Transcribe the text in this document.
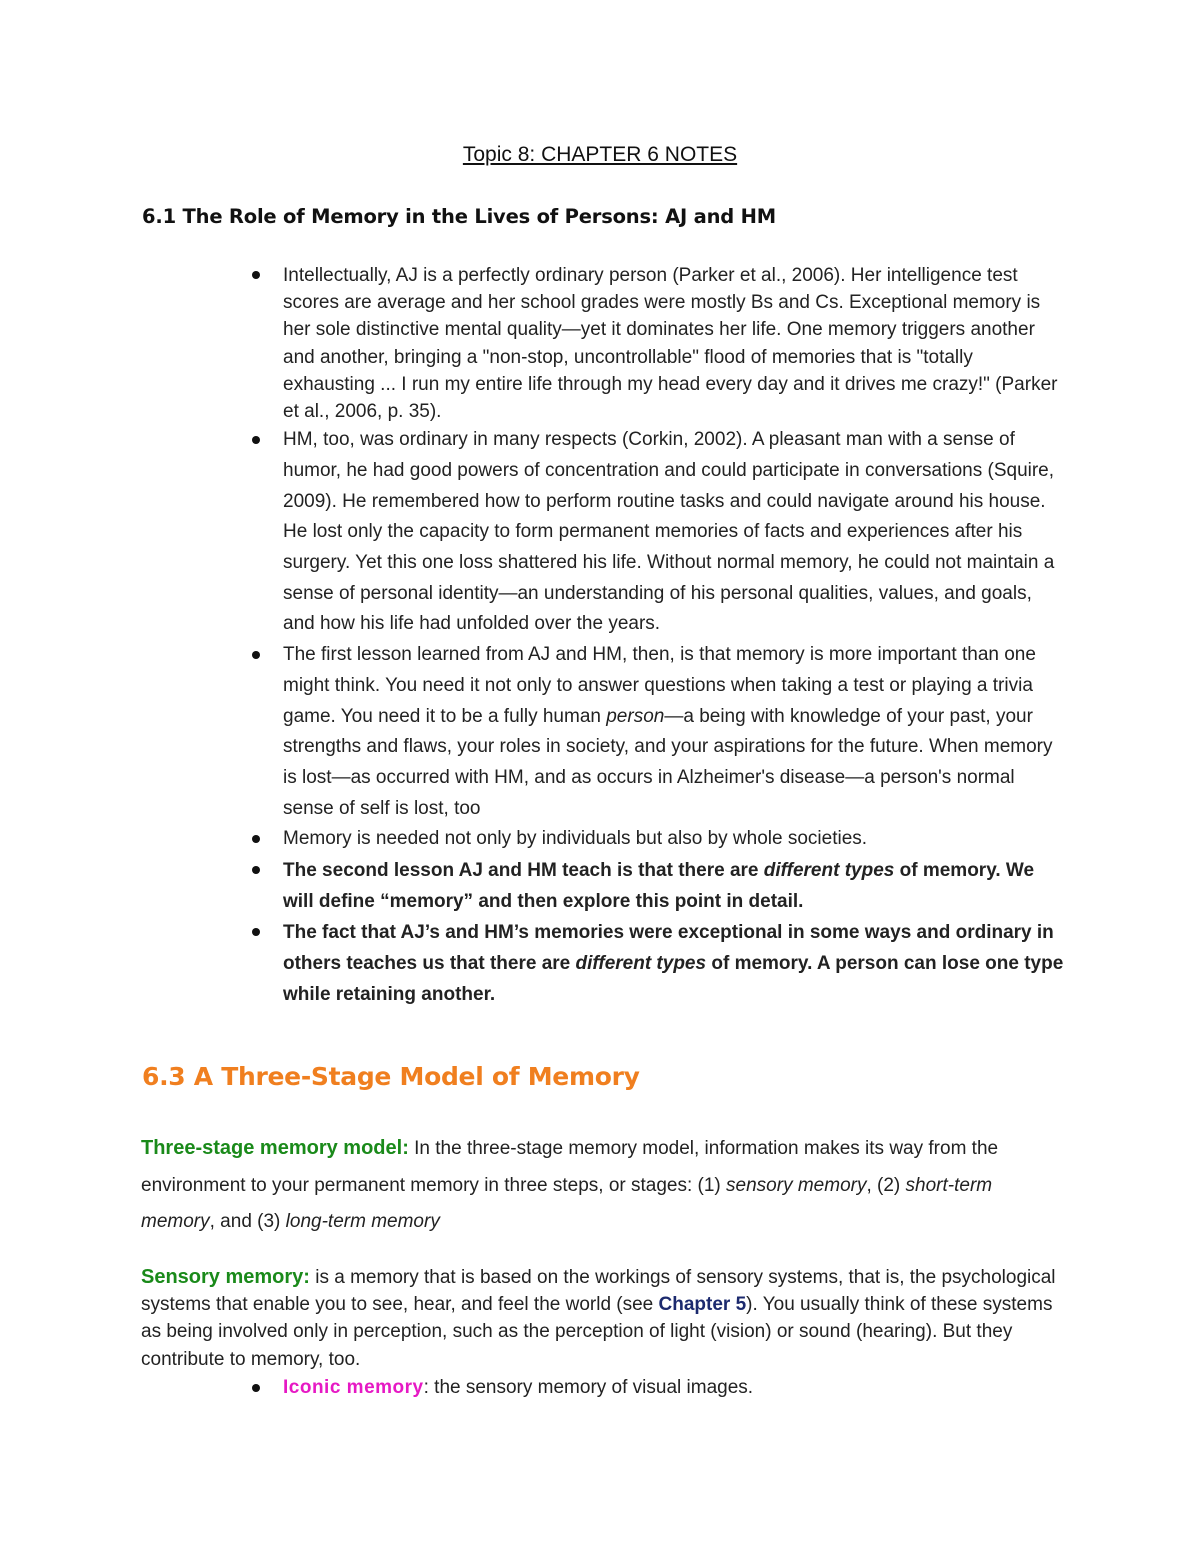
Topic 8: CHAPTER 6 NOTES
6.1 The Role of Memory in the Lives of Persons: AJ and HM
Intellectually, AJ is a perfectly ordinary person (Parker et al., 2006). Her intelligence test scores are average and her school grades were mostly Bs and Cs. Exceptional memory is her sole distinctive mental quality—yet it dominates her life. One memory triggers another and another, bringing a "non-stop, uncontrollable" flood of memories that is "totally exhausting ... I run my entire life through my head every day and it drives me crazy!" (Parker et al., 2006, p. 35).
HM, too, was ordinary in many respects (Corkin, 2002). A pleasant man with a sense of humor, he had good powers of concentration and could participate in conversations (Squire, 2009). He remembered how to perform routine tasks and could navigate around his house. He lost only the capacity to form permanent memories of facts and experiences after his surgery. Yet this one loss shattered his life. Without normal memory, he could not maintain a sense of personal identity—an understanding of his personal qualities, values, and goals, and how his life had unfolded over the years.
The first lesson learned from AJ and HM, then, is that memory is more important than one might think. You need it not only to answer questions when taking a test or playing a trivia game. You need it to be a fully human person—a being with knowledge of your past, your strengths and flaws, your roles in society, and your aspirations for the future. When memory is lost—as occurred with HM, and as occurs in Alzheimer's disease—a person's normal sense of self is lost, too
Memory is needed not only by individuals but also by whole societies.
The second lesson AJ and HM teach is that there are different types of memory. We will define “memory” and then explore this point in detail.
The fact that AJ’s and HM’s memories were exceptional in some ways and ordinary in others teaches us that there are different types of memory. A person can lose one type while retaining another.
6.3 A Three-Stage Model of Memory
Three-stage memory model: In the three-stage memory model, information makes its way from the environment to your permanent memory in three steps, or stages: (1) sensory memory, (2) short-term memory, and (3) long-term memory
Sensory memory: is a memory that is based on the workings of sensory systems, that is, the psychological systems that enable you to see, hear, and feel the world (see Chapter 5). You usually think of these systems as being involved only in perception, such as the perception of light (vision) or sound (hearing). But they contribute to memory, too.
Iconic memory: the sensory memory of visual images.
